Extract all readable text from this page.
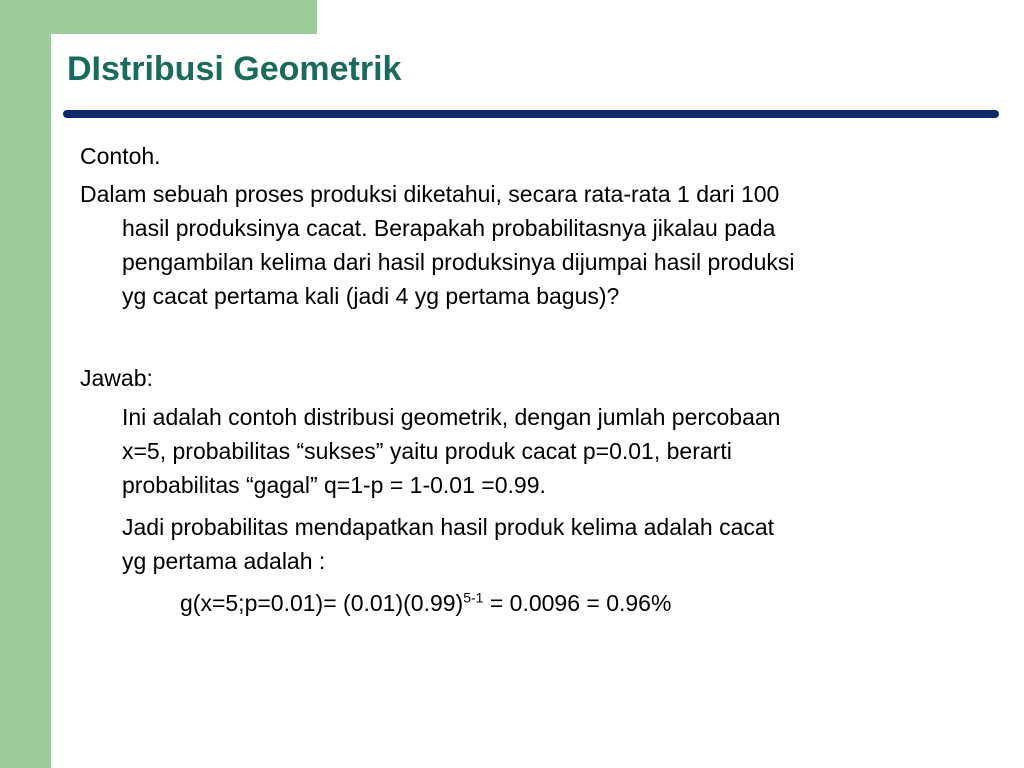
DIstribusi Geometrik
Contoh.
Dalam sebuah proses produksi diketahui, secara rata-rata 1 dari 100
hasil produksinya cacat. Berapakah probabilitasnya jikalau pada
pengambilan kelima dari hasil produksinya dijumpai hasil produksi
yg cacat pertama kali (jadi 4 yg pertama bagus)?
Jawab:
Ini adalah contoh distribusi geometrik, dengan jumlah percobaan
x=5, probabilitas “sukses” yaitu produk cacat p=0.01, berarti
probabilitas “gagal” q=1-p = 1-0.01 =0.99.
Jadi probabilitas mendapatkan hasil produk kelima adalah cacat
yg pertama adalah :
g(x=5;p=0.01)= $(0.01)(0.99)^{5-1} = 0.0096 = 0.96\%$
